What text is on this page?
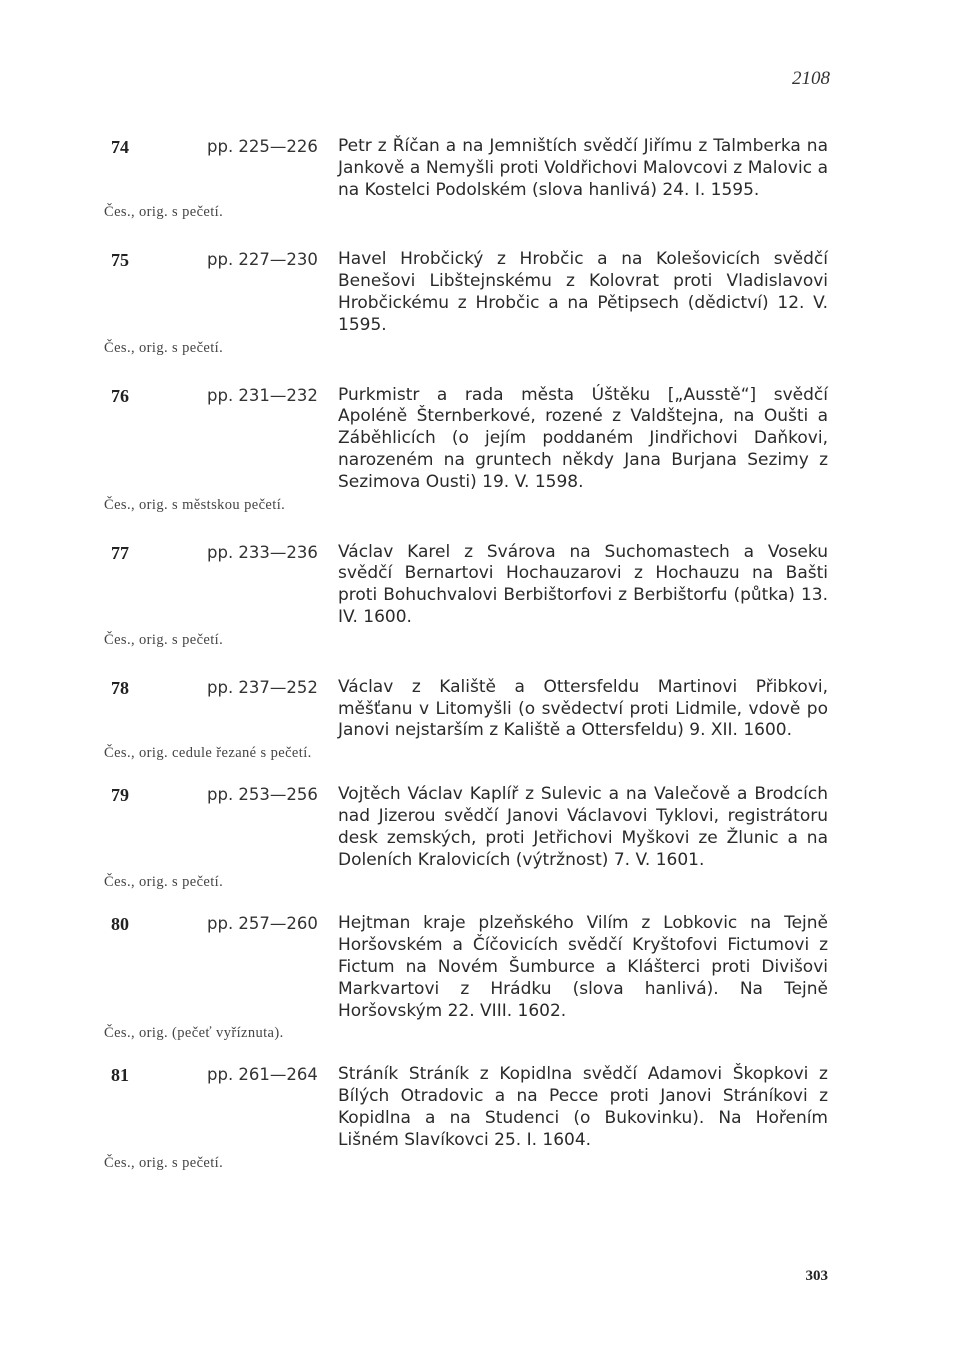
2108
74	pp. 225—226 Petr z Říčan a na Jemništích svědčí Jiřímu z Talmberka na Jankově a Nemyšli proti Voldřichovi Malovcovi z Malovic a na Kostelci Podolském (slova hanlivá) 24. I. 1595.
Čes., orig. s pečetí.
75	pp. 227—230 Havel Hrobčický z Hrobčic a na Kolešovicích svědčí Benešovi Libštejnskému z Kolovrat proti Vladislavovi Hrobčickému z Hrobčic a na Pětipsech (dědictví) 12. V. 1595.
Čes., orig. s pečetí.
76	pp. 231—232 Purkmistr a rada města Úštěku [„Ausstě“] svědčí Apoléně Šternberkové, rozené z Valdštejna, na Oušti a Záběhlicích (o jejím poddaném Jindřichovi Daňkovi, narozeném na gruntech někdy Jana Burjana Sezimy z Sezimova Ousti) 19. V. 1598.
Čes., orig. s městskou pečetí.
77	pp. 233—236 Václav Karel z Svárova na Suchomastech a Voseku svědčí Bernartovi Hochauzarovi z Hochauzu na Bašti proti Bohuchvalovi Berbištorfovi z Berbištorfu (půtka) 13. IV. 1600.
Čes., orig. s pečetí.
78	pp. 237—252 Václav z Kaliště a Ottersfeldu Martinovi Přibkovi, měšťanu v Litomyšli (o svědectví proti Lidmile, vdově po Janovi nejstarším z Kaliště a Ottersfeldu) 9. XII. 1600.
Čes., orig. cedule řezané s pečetí.
79	pp. 253—256 Vojtěch Václav Kaplíř z Sulevic a na Valečově a Brodcích nad Jizerou svědčí Janovi Václavovi Tyklovi, registrátoru desk zemských, proti Jetřichovi Myškovi ze Žlunic a na Doleních Kralovicích (výtržnost) 7. V. 1601.
Čes., orig. s pečetí.
80	pp. 257—260 Hejtman kraje plzeňského Vilím z Lobkovic na Tejně Horšovském a Číčovicích svědčí Kryštofovi Fictumovi z Fictum na Novém Šumburce a Klášterci proti Divišovi Markvartovi z Hrádku (slova hanlivá). Na Tejně Horšovským 22. VIII. 1602.
Čes., orig. (pečeť vyříznuta).
81	pp. 261—264 Stráník Stráník z Kopidlna svědčí Adamovi Škopkovi z Bílých Otradovic a na Pecce proti Janovi Stráníkovi z Kopidlna a na Studenci (o Bukovinku). Na Hořením Lišném Slavíkovci 25. I. 1604.
Čes., orig. s pečetí.
303
